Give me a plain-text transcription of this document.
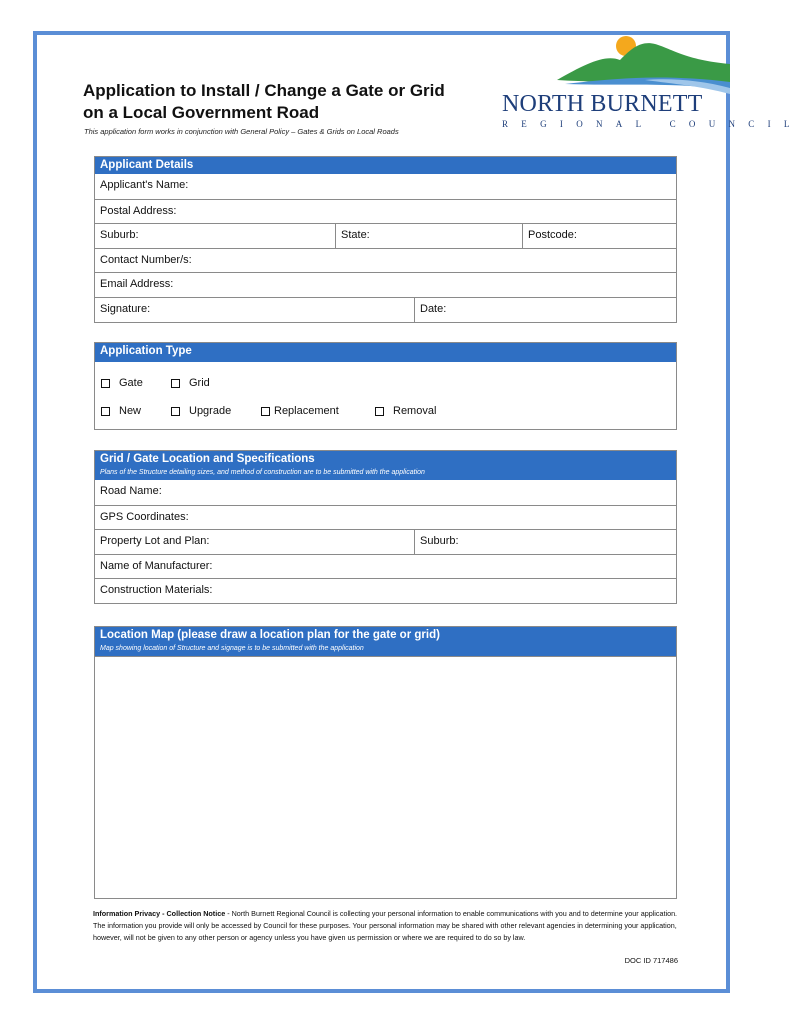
Application to Install / Change a Gate or Grid
on a Local Government Road
This application form works in conjunction with General Policy – Gates & Grids on Local Roads
NORTH BURNETT
REGIONAL COUNCIL
Applicant Details
Applicant's Name:
Postal Address:
Suburb:	State:	Postcode:
Contact Number/s:
Email Address:
Signature:	Date:
Application Type
Gate	Grid
New	Upgrade	Replacement	Removal
Grid / Gate Location and Specifications
Plans of the Structure detailing sizes, and method of construction are to be submitted with the application
Road Name:
GPS Coordinates:
Property Lot and Plan:	Suburb:
Name of Manufacturer:
Construction Materials:
Location Map (please draw a location plan for the gate or grid)
Map showing location of Structure and signage is to be submitted with the application
Information Privacy - Collection Notice - North Burnett Regional Council is collecting your personal information to enable communications with you and to determine your application. The information you provide will only be accessed by Council for these purposes. Your personal information may be shared with other relevant agencies in determining your application, however, will not be given to any other person or agency unless you have given us permission or where we are required to do so by law.
DOC ID 717486
